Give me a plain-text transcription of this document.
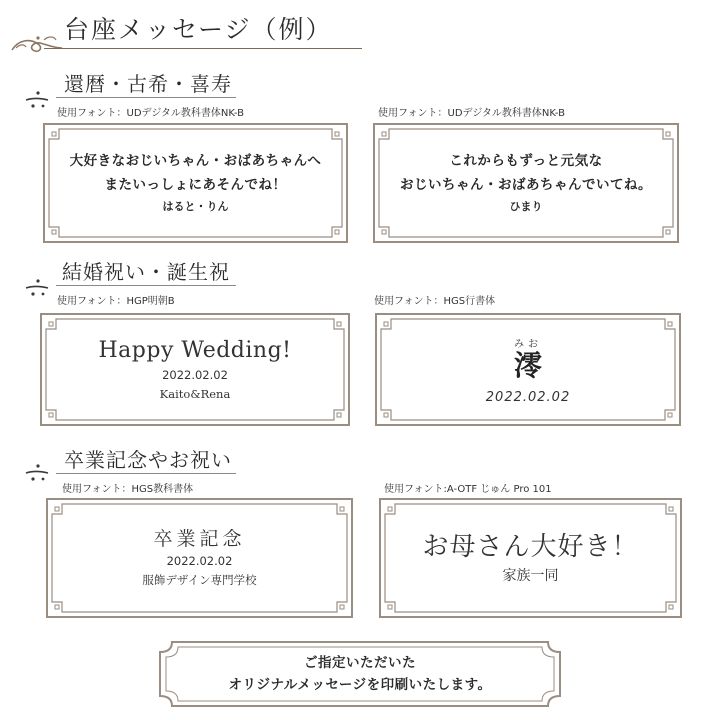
台座メッセージ（例）
還暦・古希・喜寿
使用フォント：UDデジタル教科書体NK-B
大好きなおじいちゃん・おばあちゃんへ
またいっしょにあそんでね！
はると・りん
使用フォント：UDデジタル教科書体NK-B
これからもずっと元気な
おじいちゃん・おばあちゃんでいてね。
ひまり
結婚祝い・誕生祝
使用フォント：HGP明朝B
Happy Wedding!
2022.02.02
Kaito&Rena
使用フォント：HGS行書体
みお
澪
2022.02.02
卒業記念やお祝い
使用フォント：HGS教科書体
卒業記念
2022.02.02
服飾デザイン専門学校
使用フォント:A-OTF じゅん Pro 101
お母さん大好き！
家族一同
ご指定いただいた
オリジナルメッセージを印刷いたします。
